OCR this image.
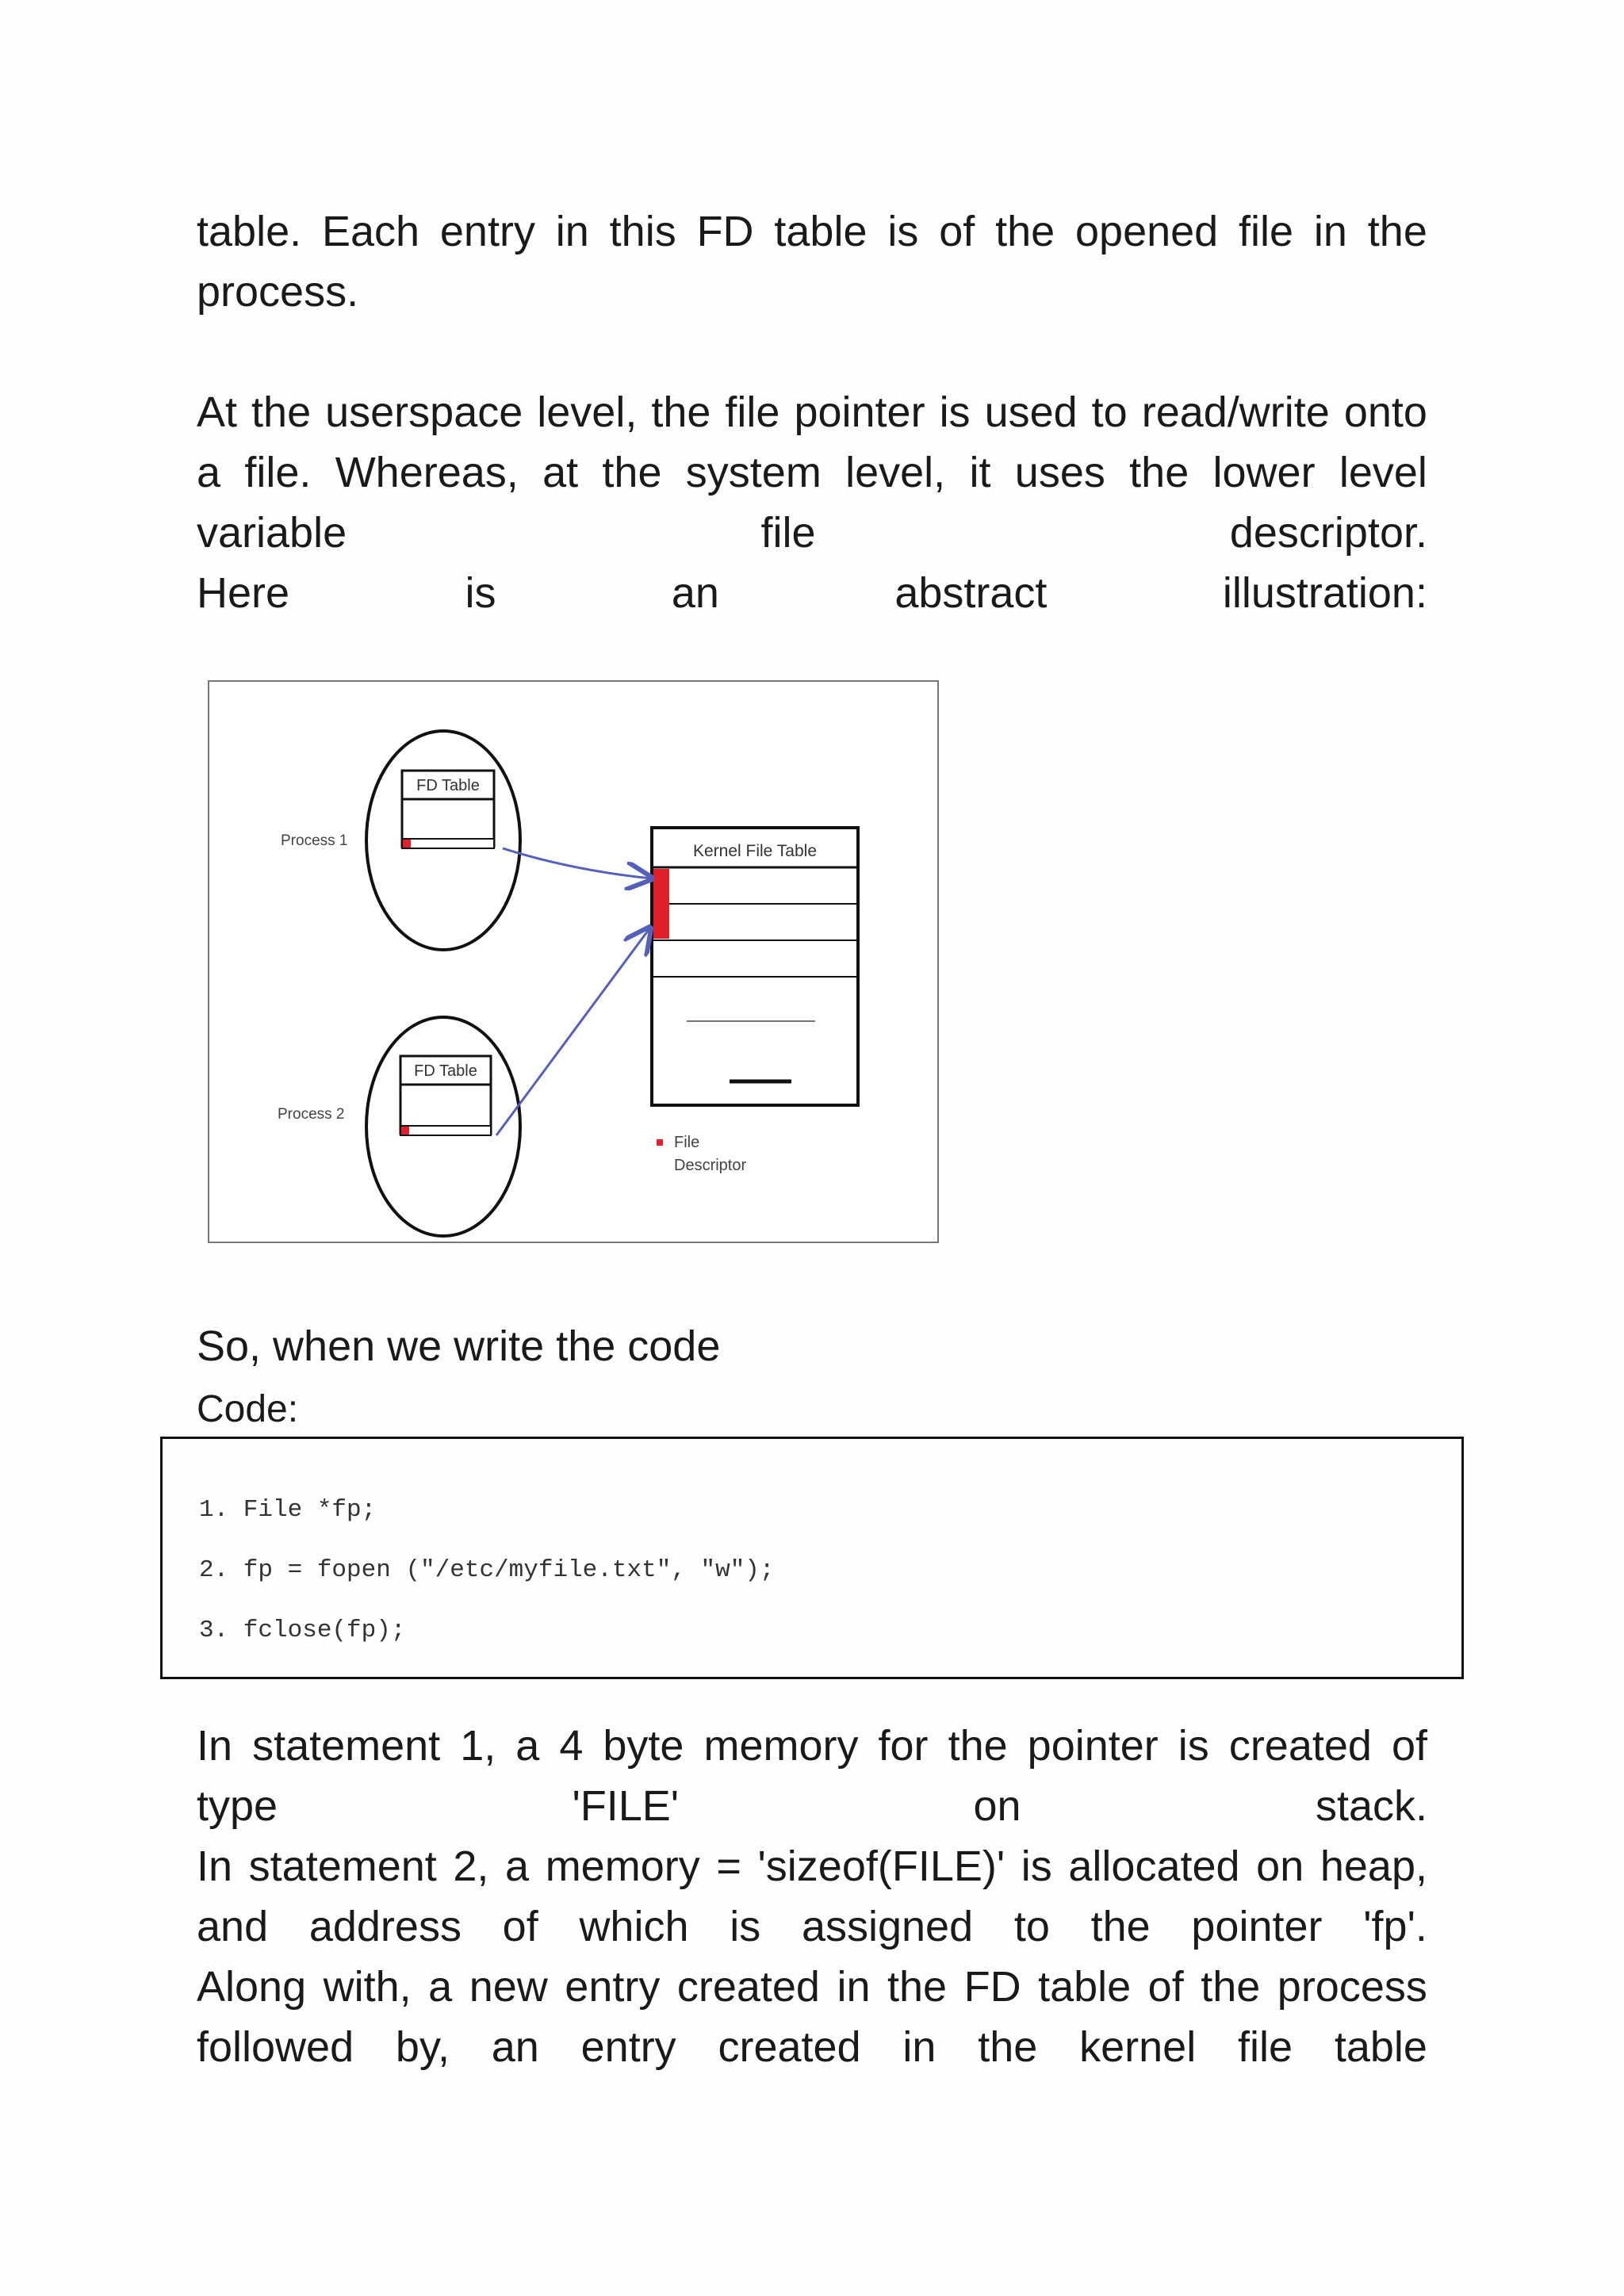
table. Each entry in this FD table is of the opened file in the
process.
At the userspace level, the file pointer is used to read/write onto
a file. Whereas, at the system level, it uses the lower level
variable	file	descriptor.
Here	is	an	abstract	illustration:
FD Table
Process 1
FD Table
Process 2
Kernel File Table
File
Descriptor
So, when we write the code
Code:
1. File *fp;
2. fp = fopen ("/etc/myfile.txt", "w");
3. fclose(fp);
In statement 1, a 4 byte memory for the pointer is created of
type	'FILE'	on	stack.
In statement 2, a memory = 'sizeof(FILE)' is allocated on heap,
and address of which is assigned to the pointer 'fp'.
Along with, a new entry created in the FD table of the process
followed by, an entry created in the kernel file table
